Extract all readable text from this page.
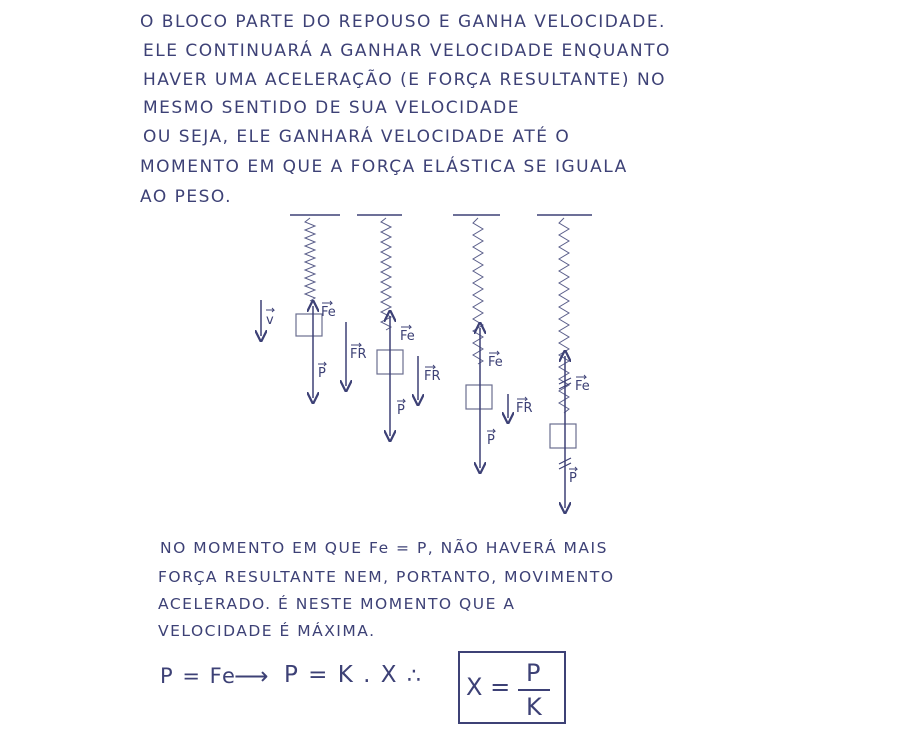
O BLOCO PARTE DO REPOUSO E GANHA VELOCIDADE.
ELE CONTINUARÁ A GANHAR VELOCIDADE ENQUANTO
HAVER UMA ACELERAÇÃO (E FORÇA RESULTANTE) NO
MESMO SENTIDO DE SUA VELOCIDADE
OU SEJA, ELE GANHARÁ VELOCIDADE ATÉ O
MOMENTO EM QUE A FORÇA ELÁSTICA SE IGUALA
AO PESO.
v
Fe
FR
P
Fe
FR
P
Fe
FR
P
Fe
P
NO MOMENTO EM QUE Fe = P, NÃO HAVERÁ MAIS
FORÇA RESULTANTE NEM, PORTANTO, MOVIMENTO
ACELERADO. É NESTE MOMENTO QUE A
VELOCIDADE É MÁXIMA.
P = Fe
⟶ P = K . X ∴ X = P
K
